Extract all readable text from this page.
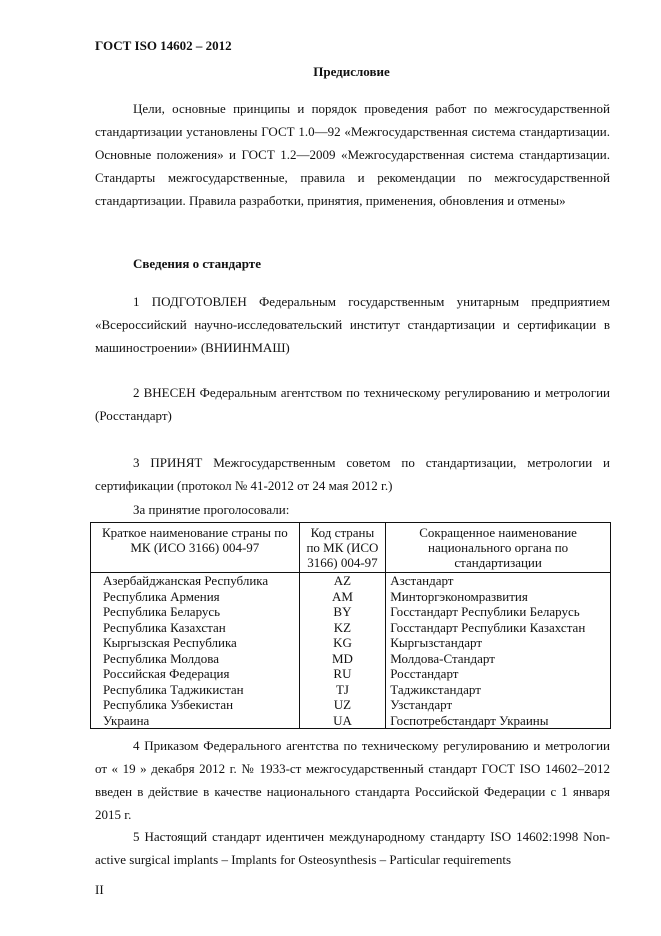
ГОСТ ISO 14602 – 2012
Предисловие

Цели, основные принципы и порядок проведения работ по межгосударственной стандартизации установлены ГОСТ 1.0—92 «Межгосударственная система стандартизации. Основные положения» и ГОСТ 1.2—2009 «Межгосударственная система стандартизации. Стандарты межгосударственные, правила и рекомендации по межгосударственной стандартизации. Правила разработки, принятия, применения, обновления и отмены»

Сведения о стандарте

1 ПОДГОТОВЛЕН Федеральным государственным унитарным предприятием «Всероссийский научно-исследовательский институт стандартизации и сертификации в машиностроении» (ВНИИНМАШ)

2 ВНЕСЕН Федеральным агентством по техническому регулированию и метрологии (Росстандарт)

3 ПРИНЯТ Межгосударственным советом по стандартизации, метрологии и сертификации (протокол № 41-2012 от 24 мая 2012 г.)

За принятие проголосовали:
Краткое наименование страны по МК (ИСО 3166) 004-97	Код страны по МК (ИСО 3166) 004-97	Сокращенное наименование национального органа по стандартизации
Азербайджанская Республика	AZ	Азстандарт
Республика Армения	AM	Минторгэкономразвития
Республика Беларусь	BY	Госстандарт Республики Беларусь
Республика Казахстан	KZ	Госстандарт Республики Казахстан
Кыргызская Республика	KG	Кыргызстандарт
Республика Молдова	MD	Молдова-Стандарт
Российская Федерация	RU	Росстандарт
Республика Таджикистан	TJ	Таджикстандарт
Республика Узбекистан	UZ	Узстандарт
Украина	UA	Госпотребстандарт Украины

4 Приказом Федерального агентства по техническому регулированию и метрологии от « 19 » декабря 2012 г. № 1933-ст межгосударственный стандарт ГОСТ ISO 14602–2012 введен в действие в качестве национального стандарта Российской Федерации с 1 января 2015 г.

5 Настоящий стандарт идентичен международному стандарту ISO 14602:1998 Non-active surgical implants – Implants for Osteosynthesis – Particular requirements

II
